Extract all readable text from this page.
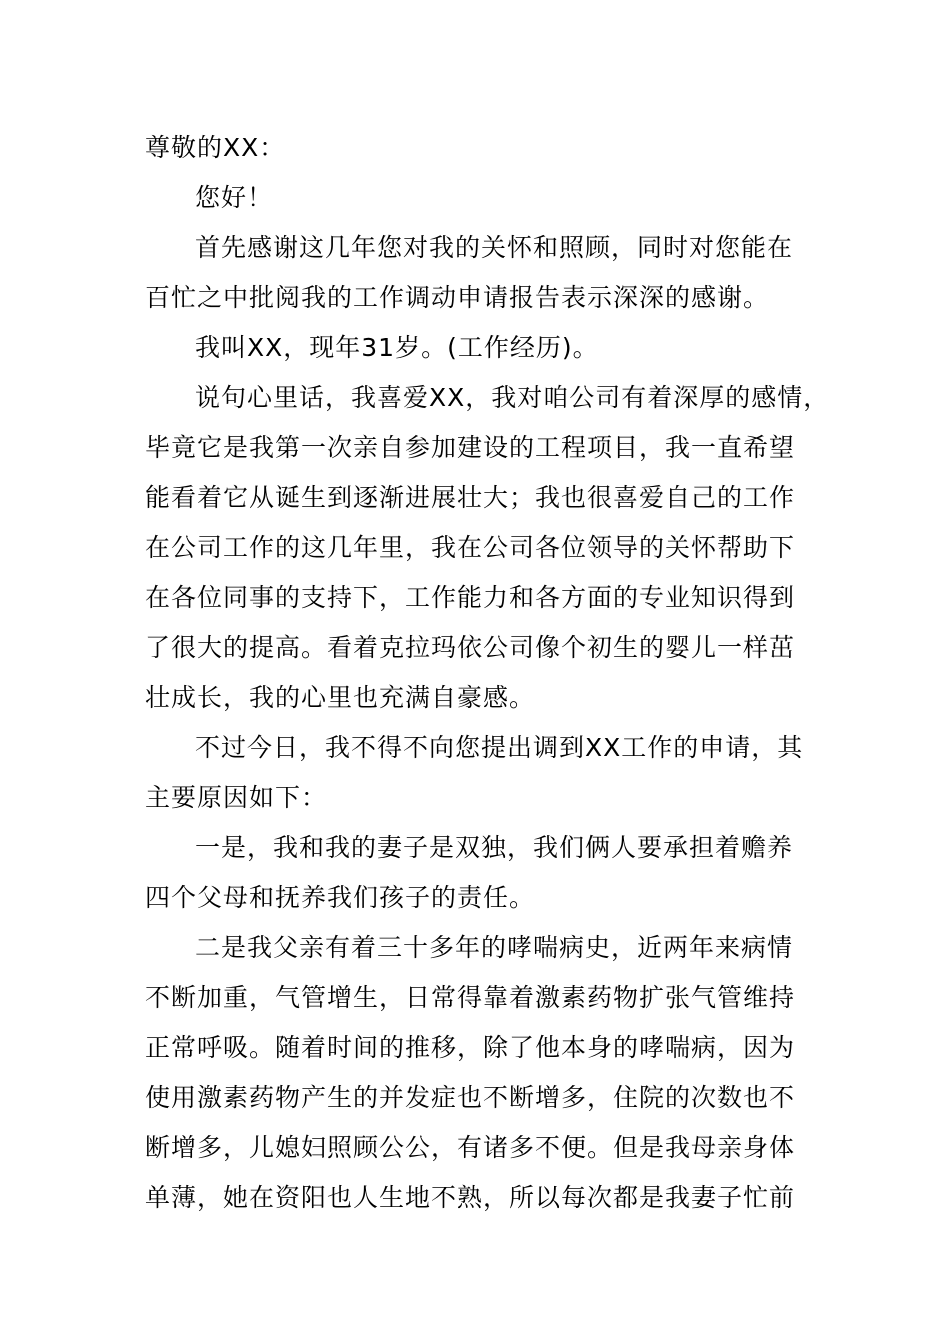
尊敬的XX：
您好！
首先感谢这几年您对我的关怀和照顾，同时对您能在
百忙之中批阅我的工作调动申请报告表示深深的感谢。
我叫XX，现年31岁。(工作经历)。
说句心里话，我喜爱XX，我对咱公司有着深厚的感情，
毕竟它是我第一次亲自参加建设的工程项目，我一直希望
能看着它从诞生到逐渐进展壮大；我也很喜爱自己的工作
在公司工作的这几年里，我在公司各位领导的关怀帮助下
在各位同事的支持下，工作能力和各方面的专业知识得到
了很大的提高。看着克拉玛依公司像个初生的婴儿一样茁
壮成长，我的心里也充满自豪感。
不过今日，我不得不向您提出调到XX工作的申请，其
主要原因如下：
一是，我和我的妻子是双独，我们俩人要承担着赡养
四个父母和抚养我们孩子的责任。
二是我父亲有着三十多年的哮喘病史，近两年来病情
不断加重，气管增生，日常得靠着激素药物扩张气管维持
正常呼吸。随着时间的推移，除了他本身的哮喘病，因为
使用激素药物产生的并发症也不断增多，住院的次数也不
断增多，儿媳妇照顾公公，有诸多不便。但是我母亲身体
单薄，她在资阳也人生地不熟，所以每次都是我妻子忙前
